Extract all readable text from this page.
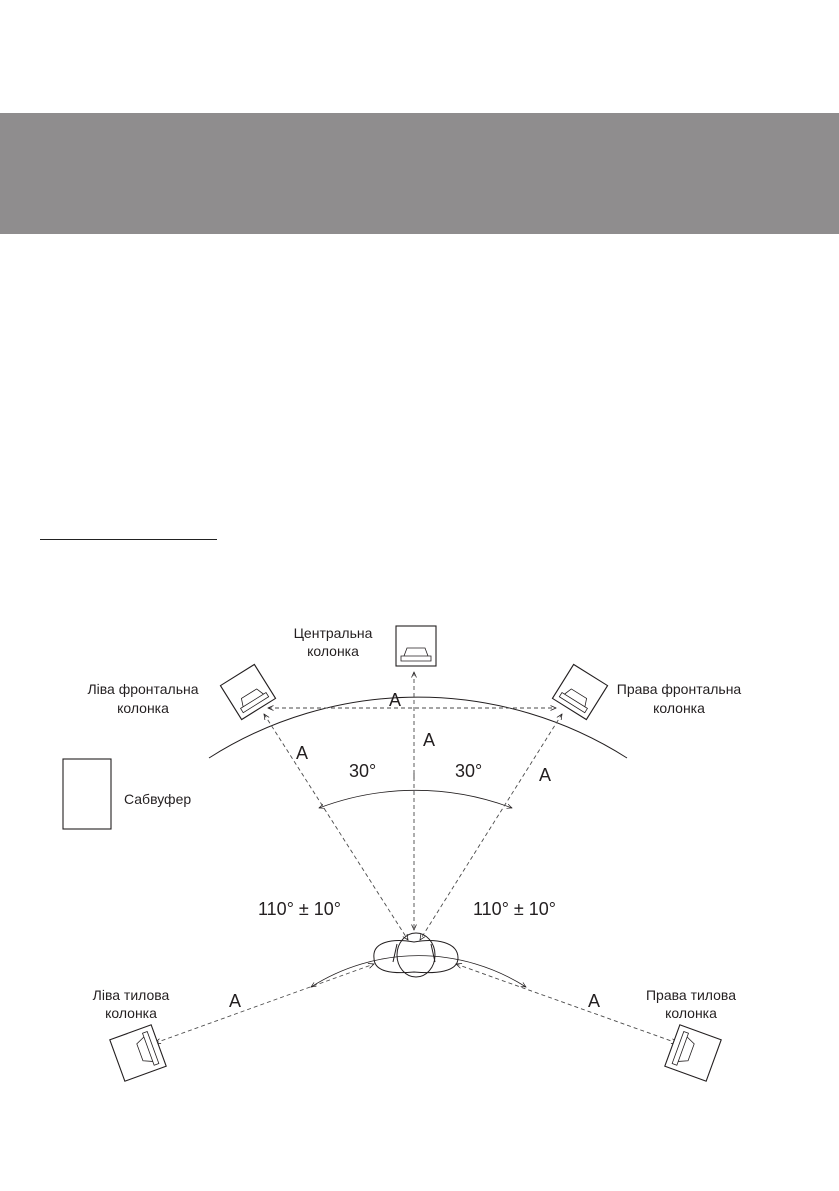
Центральна
колонка
Ліва фронтальна
колонка
Права фронтальна
колонка
Сабвуфер
Ліва тилова
колонка
Права тилова
колонка
A
A
A
A
A	A
30°	30°
110° ± 10°	110° ± 10°
